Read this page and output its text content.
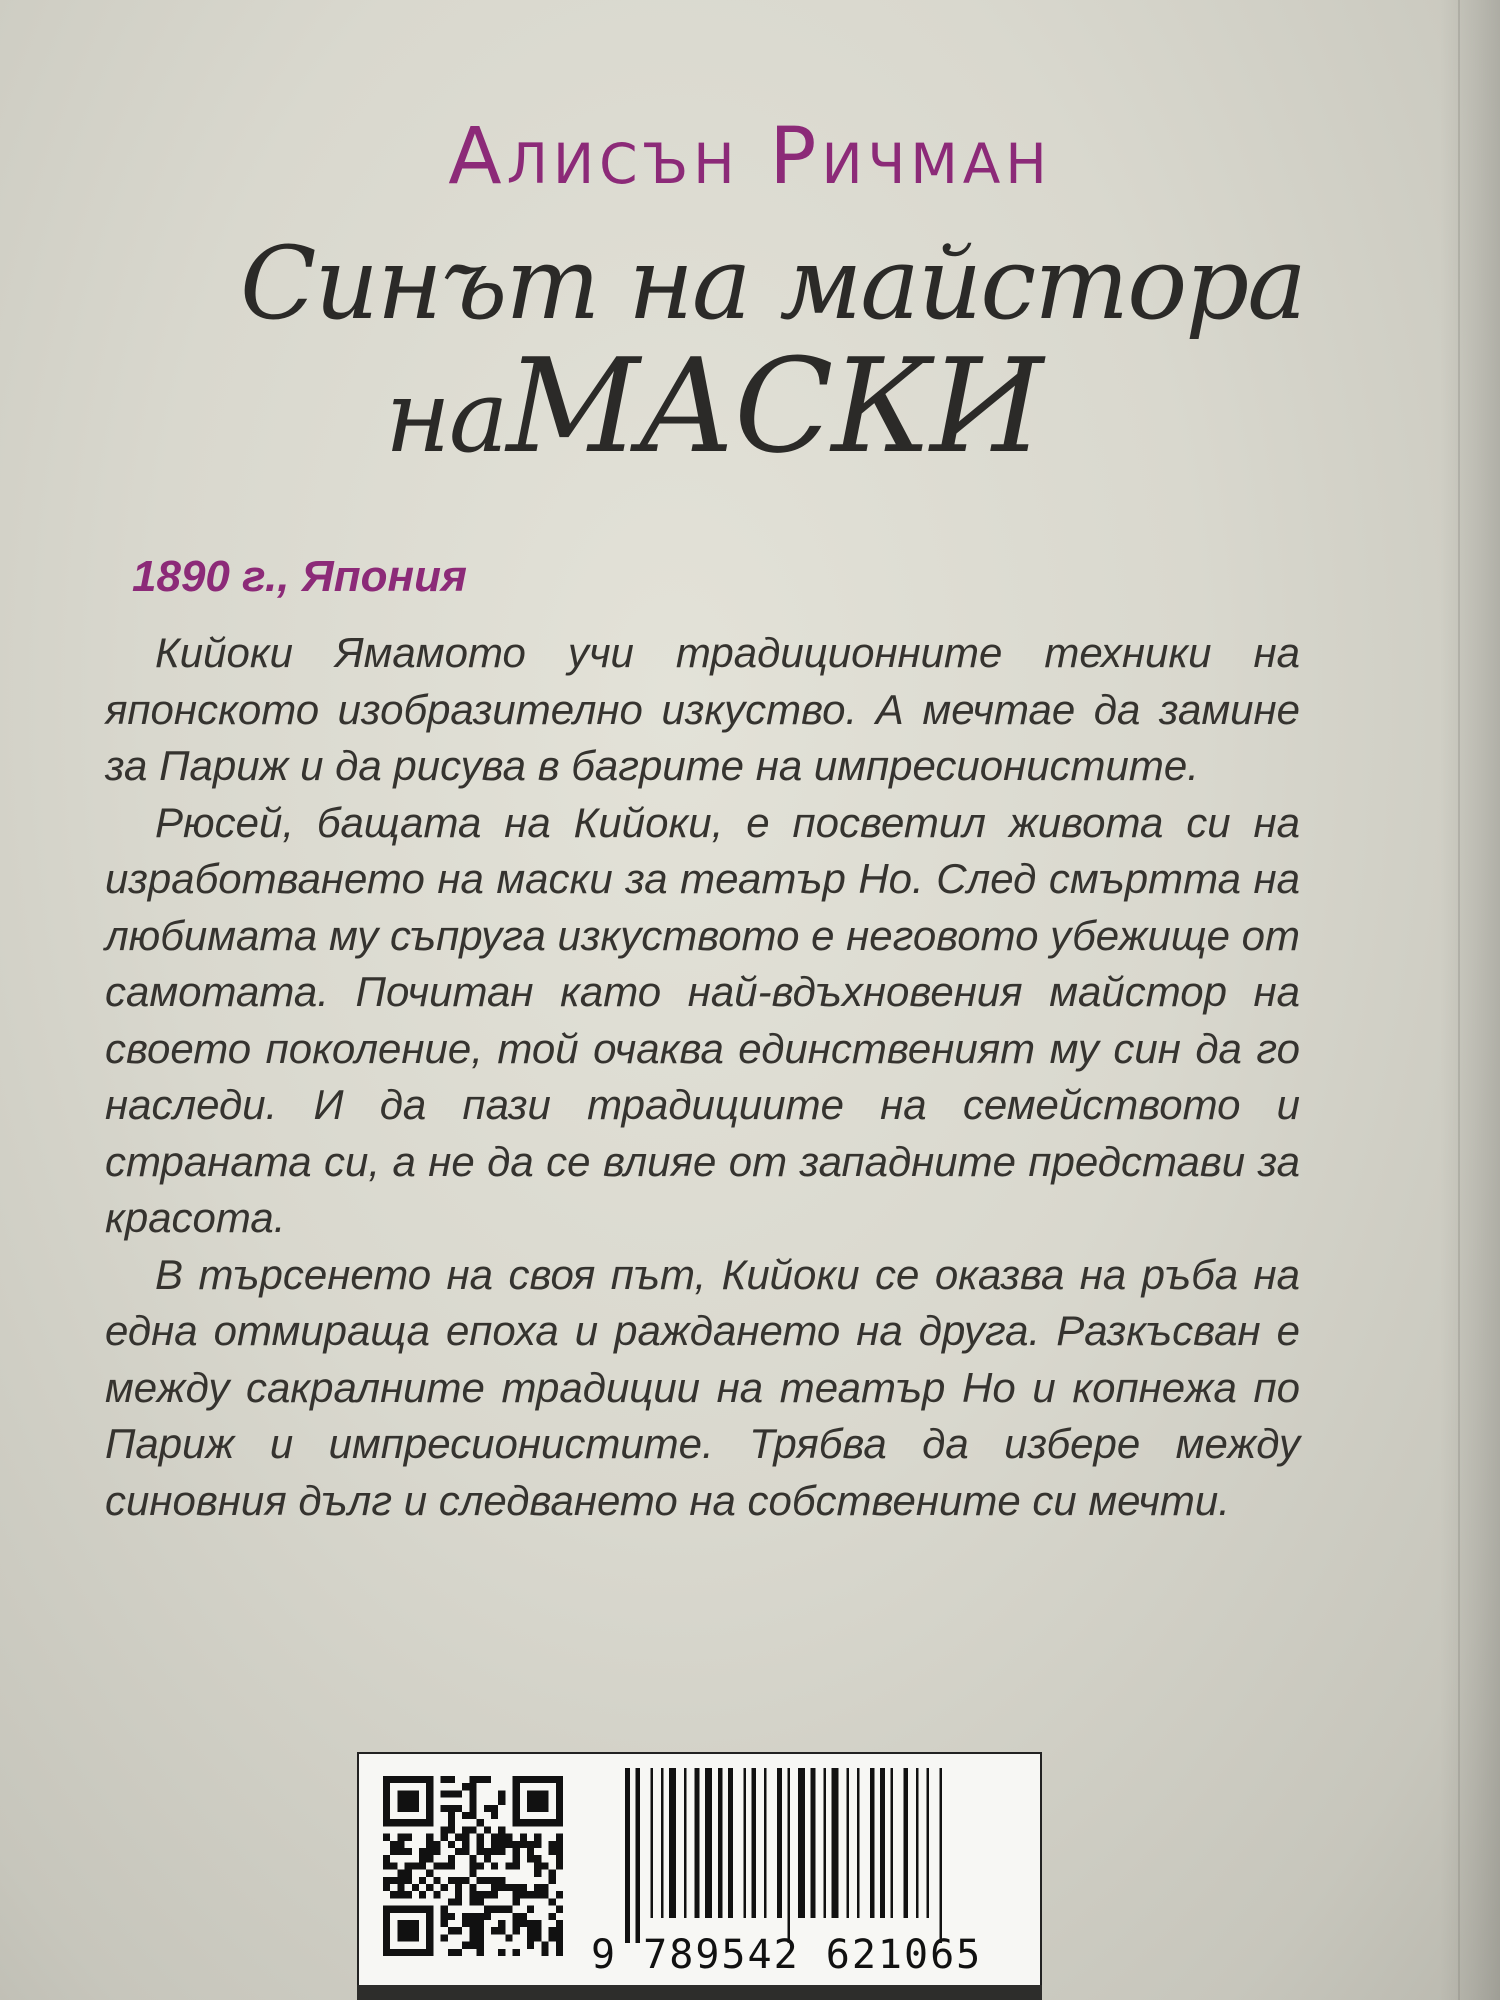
Алисън Ричман
Синът на майстора
наМАСКИ
1890 г., Япония

Кийоки Ямамото учи традиционните техники на японското изобразително изкуство. А мечтае да замине за Париж и да рисува в багрите на импресионистите.

Рюсей, бащата на Кийоки, е посветил живота си на изработването на маски за театър Но. След смъртта на любимата му съпруга изкуството е неговото убежище от самотата. Почитан като най-вдъхновения майстор на своето поколение, той очаква единственият му син да го наследи. И да пази традициите на семейството и страната си, а не да се влияе от западните представи за красота.

В търсенето на своя път, Кийоки се оказва на ръба на една отмираща епоха и раждането на друга. Разкъсван е между сакралните традиции на театър Но и копнежа по Париж и импресионистите. Трябва да избере между синовния дълг и следването на собствените си мечти.

9 789542 621065
